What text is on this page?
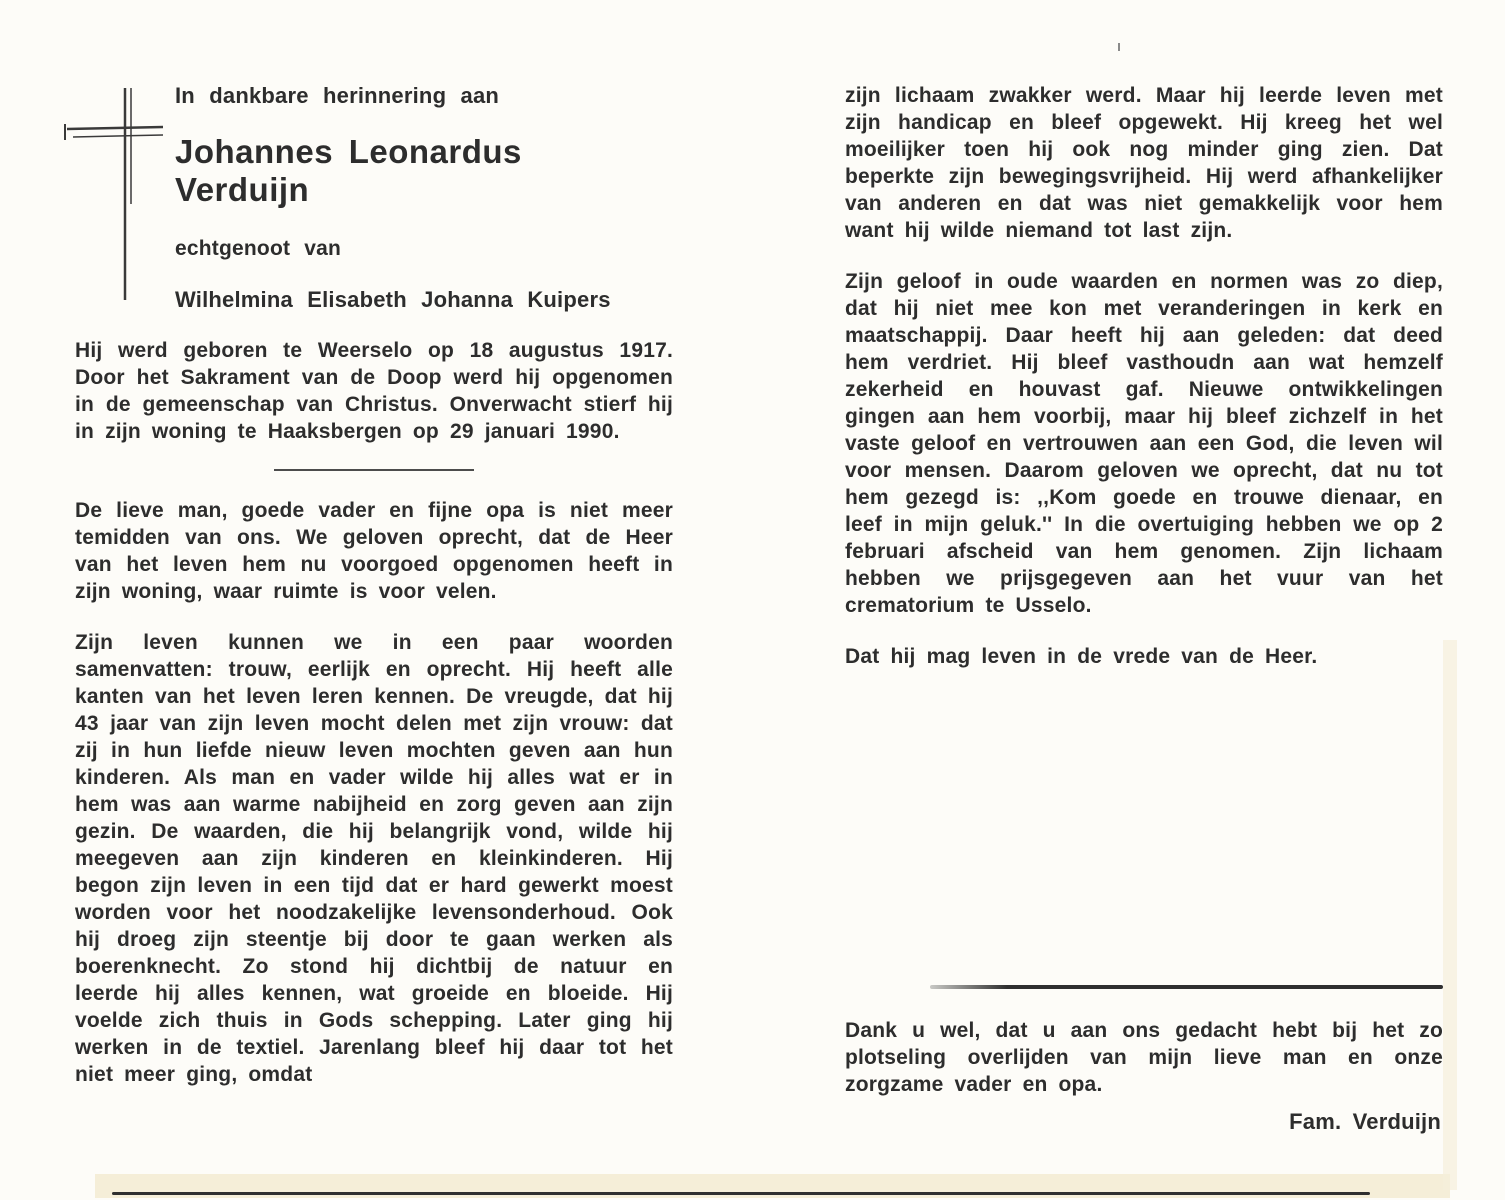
In dankbare herinnering aan

Johannes Leonardus
Verduijn

echtgenoot van

Wilhelmina Elisabeth Johanna Kuipers

Hij werd geboren te Weerselo op 18 augustus 1917. Door het Sakrament van de Doop werd hij opgenomen in de gemeenschap van Christus. Onverwacht stierf hij in zijn woning te Haaksbergen op 29 januari 1990.

De lieve man, goede vader en fijne opa is niet meer temidden van ons. We geloven oprecht, dat de Heer van het leven hem nu voorgoed opgenomen heeft in zijn woning, waar ruimte is voor velen.

Zijn leven kunnen we in een paar woorden samenvatten: trouw, eerlijk en oprecht. Hij heeft alle kanten van het leven leren kennen. De vreugde, dat hij 43 jaar van zijn leven mocht delen met zijn vrouw: dat zij in hun liefde nieuw leven mochten geven aan hun kinderen. Als man en vader wilde hij alles wat er in hem was aan warme nabijheid en zorg geven aan zijn gezin. De waarden, die hij belangrijk vond, wilde hij meegeven aan zijn kinderen en kleinkinderen. Hij begon zijn leven in een tijd dat er hard gewerkt moest worden voor het noodzakelijke levensonderhoud. Ook hij droeg zijn steentje bij door te gaan werken als boerenknecht. Zo stond hij dichtbij de natuur en leerde hij alles kennen, wat groeide en bloeide. Hij voelde zich thuis in Gods schepping. Later ging hij werken in de textiel. Jarenlang bleef hij daar tot het niet meer ging, omdat

zijn lichaam zwakker werd. Maar hij leerde leven met zijn handicap en bleef opgewekt. Hij kreeg het wel moeilijker toen hij ook nog minder ging zien. Dat beperkte zijn bewegingsvrijheid. Hij werd afhankelijker van anderen en dat was niet gemakkelijk voor hem want hij wilde niemand tot last zijn.

Zijn geloof in oude waarden en normen was zo diep, dat hij niet mee kon met veranderingen in kerk en maatschappij. Daar heeft hij aan geleden: dat deed hem verdriet. Hij bleef vasthoudn aan wat hemzelf zekerheid en houvast gaf. Nieuwe ontwikkelingen gingen aan hem voorbij, maar hij bleef zichzelf in het vaste geloof en vertrouwen aan een God, die leven wil voor mensen. Daarom geloven we oprecht, dat nu tot hem gezegd is: ,,Kom goede en trouwe dienaar, en leef in mijn geluk.'' In die overtuiging hebben we op 2 februari afscheid van hem genomen. Zijn lichaam hebben we prijsgegeven aan het vuur van het crematorium te Usselo.

Dat hij mag leven in de vrede van de Heer.

Dank u wel, dat u aan ons gedacht hebt bij het zo plotseling overlijden van mijn lieve man en onze zorgzame vader en opa.

Fam. Verduijn
